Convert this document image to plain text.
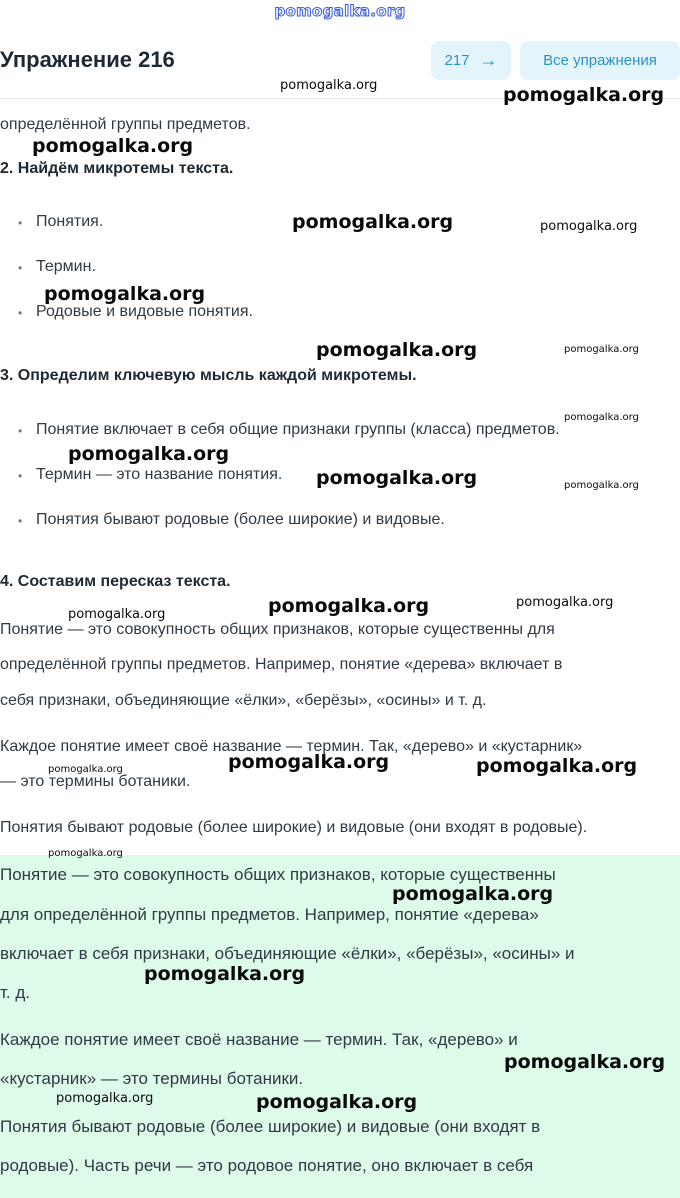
pomogalka.org
Упражнение 216	217 →	Все упражнения
определённой группы предметов.
2. Найдём микротемы текста.
• Понятия.
• Термин.
• Родовые и видовые понятия.
3. Определим ключевую мысль каждой микротемы.
• Понятие включает в себя общие признаки группы (класса) предметов.
• Термин — это название понятия.
• Понятия бывают родовые (более широкие) и видовые.
4. Составим пересказ текста.
Понятие — это совокупность общих признаков, которые существенны для
определённой группы предметов. Например, понятие «дерева» включает в
себя признаки, объединяющие «ёлки», «берёзы», «осины» и т. д.
Каждое понятие имеет своё название — термин. Так, «дерево» и «кустарник»
— это термины ботаники.
Понятия бывают родовые (более широкие) и видовые (они входят в родовые).
Понятие — это совокупность общих признаков, которые существенны
для определённой группы предметов. Например, понятие «дерева»
включает в себя признаки, объединяющие «ёлки», «берёзы», «осины» и
т. д.
Каждое понятие имеет своё название — термин. Так, «дерево» и
«кустарник» — это термины ботаники.
Понятия бывают родовые (более широкие) и видовые (они входят в
родовые). Часть речи — это родовое понятие, оно включает в себя
pomogalka.org	pomogalka.org
pomogalka.org
pomogalka.org	pomogalka.org
pomogalka.org
pomogalka.org	pomogalka.org
pomogalka.org
pomogalka.org
pomogalka.org	pomogalka.org
pomogalka.org	pomogalka.org
pomogalka.org
pomogalka.org	pomogalka.org
pomogalka.org
pomogalka.org
pomogalka.org
pomogalka.org
pomogalka.org
pomogalka.org	pomogalka.org
